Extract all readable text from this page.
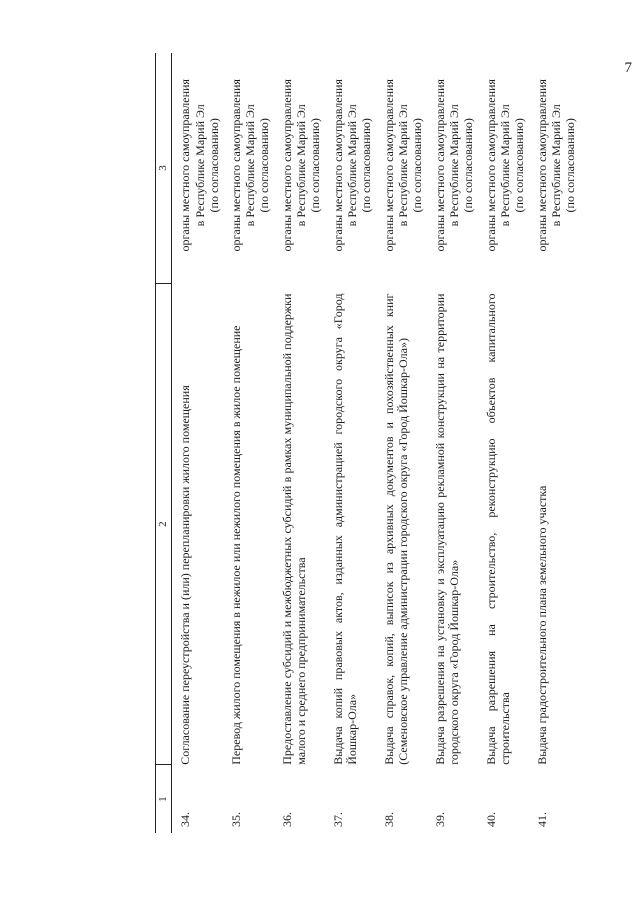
7
1	2	3
34.	Согласование переустройства и (или) перепланировки жилого помещения	органы местного самоуправления в Республике Марий Эл (по согласованию)

35.	Перевод жилого помещения в нежилое или нежилого помещения в жилое помещение	органы местного самоуправления в Республике Марий Эл (по согласованию)

36.	Предоставление субсидий и межбюджетных субсидий в рамках муниципальной поддержки малого и среднего предпринимательства	органы местного самоуправления в Республике Марий Эл (по согласованию)

37.	Выдача копий правовых актов, изданных администрацией городского округа «Город Йошкар-Ола»	органы местного самоуправления в Республике Марий Эл (по согласованию)

38.	Выдача справок, копий, выписок из архивных документов и похозяйственных книг (Семеновское управление администрации городского округа «Город Йошкар-Ола»)	органы местного самоуправления в Республике Марий Эл (по согласованию)

39.	Выдача разрешения на установку и эксплуатацию рекламной конструкции на территории городского округа «Город Йошкар-Ола»	органы местного самоуправления в Республике Марий Эл (по согласованию)

40.	Выдача разрешения на строительство, реконструкцию объектов капитального строительства	органы местного самоуправления в Республике Марий Эл (по согласованию)

41.	Выдача градостроительного плана земельного участка	органы местного самоуправления в Республике Марий Эл (по согласованию)
